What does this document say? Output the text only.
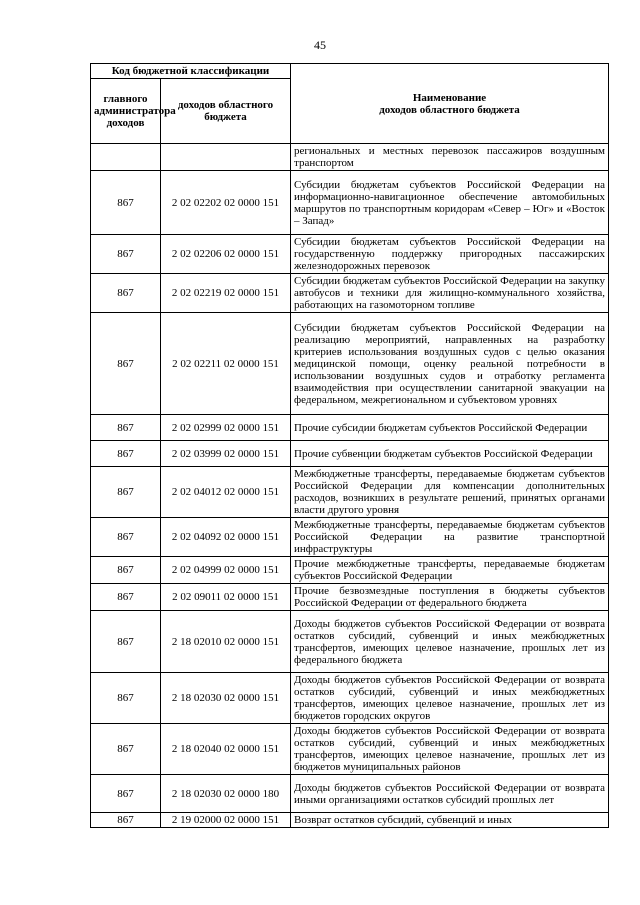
45
Код бюджетной классификации		Наименование
доходов областного бюджета

главного администратора доходов	доходов областного бюджета	
		региональных и местных перевозок пассажиров воздушным транспортом
867	2 02 02202 02 0000 151	Субсидии бюджетам субъектов Российской Федерации на информационно-навигационное обеспечение автомобильных маршрутов по транспортным коридорам «Север – Юг» и «Восток – Запад»
867	2 02 02206 02 0000 151	Субсидии бюджетам субъектов Российской Федерации на государственную поддержку пригородных пассажирских железнодорожных перевозок
867	2 02 02219 02 0000 151	Субсидии бюджетам субъектов Российской Федерации на закупку автобусов и техники для жилищно-коммунального хозяйства, работающих на газомоторном топливе
867	2 02 02211 02 0000 151	Субсидии бюджетам субъектов Российской Федерации на реализацию мероприятий, направленных на разработку критериев использования воздушных судов с целью оказания медицинской помощи, оценку реальной потребности в использовании воздушных судов и отработку регламента взаимодействия при осуществлении санитарной эвакуации на федеральном, межрегиональном и субъектовом уровнях
867	2 02 02999 02 0000 151	Прочие субсидии бюджетам субъектов Российской Федерации
867	2 02 03999 02 0000 151	Прочие субвенции бюджетам субъектов Российской Федерации
867	2 02 04012 02 0000 151	Межбюджетные трансферты, передаваемые бюджетам субъектов Российской Федерации для компенсации дополнительных расходов, возникших в результате решений, принятых органами власти другого уровня
867	2 02 04092 02 0000 151	Межбюджетные трансферты, передаваемые бюджетам субъектов Российской Федерации на развитие транспортной инфраструктуры
867	2 02 04999 02 0000 151	Прочие межбюджетные трансферты, передаваемые бюджетам субъектов Российской Федерации
867	2 02 09011 02 0000 151	Прочие безвозмездные поступления в бюджеты субъектов Российской Федерации от федерального бюджета
867	2 18 02010 02 0000 151	Доходы бюджетов субъектов Российской Федерации от возврата остатков субсидий, субвенций и иных межбюджетных трансфертов, имеющих целевое назначение, прошлых лет из федерального бюджета
867	2 18 02030 02 0000 151	Доходы бюджетов субъектов Российской Федерации от возврата остатков субсидий, субвенций и иных межбюджетных трансфертов, имеющих целевое назначение, прошлых лет из бюджетов городских округов
867	2 18 02040 02 0000 151	Доходы бюджетов субъектов Российской Федерации от возврата остатков субсидий, субвенций и иных межбюджетных трансфертов, имеющих целевое назначение, прошлых лет из бюджетов муниципальных районов
867	2 18 02030 02 0000 180	Доходы бюджетов субъектов Российской Федерации от возврата иными организациями остатков субсидий прошлых лет
867	2 19 02000 02 0000 151	Возврат остатков субсидий, субвенций и иных
